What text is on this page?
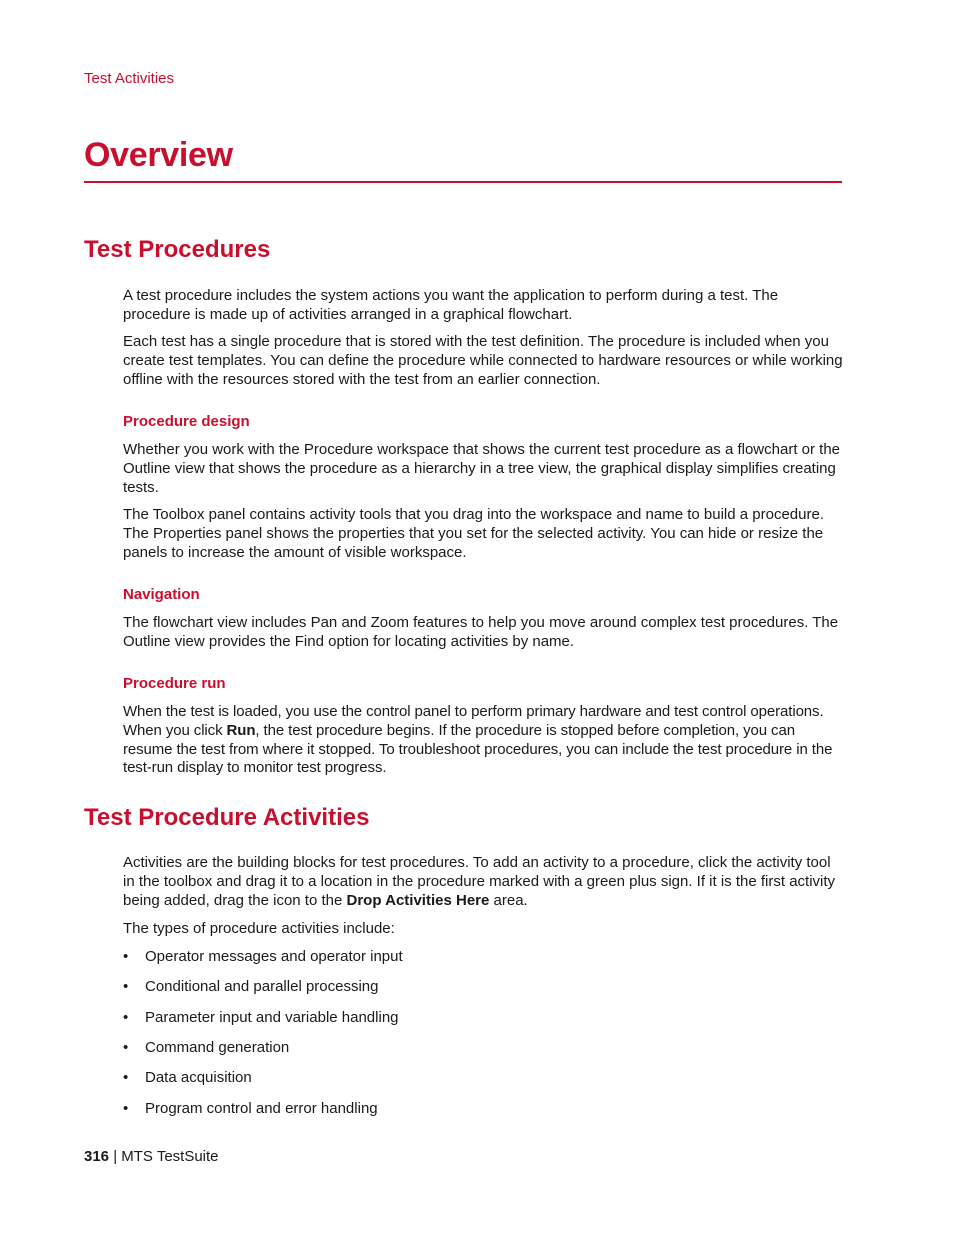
Test Activities
Overview
Test Procedures
A test procedure includes the system actions you want the application to perform during a test. The procedure is made up of activities arranged in a graphical flowchart.
Each test has a single procedure that is stored with the test definition. The procedure is included when you create test templates. You can define the procedure while connected to hardware resources or while working offline with the resources stored with the test from an earlier connection.
Procedure design
Whether you work with the Procedure workspace that shows the current test procedure as a flowchart or the Outline view that shows the procedure as a hierarchy in a tree view, the graphical display simplifies creating tests.
The Toolbox panel contains activity tools that you drag into the workspace and name to build a procedure. The Properties panel shows the properties that you set for the selected activity. You can hide or resize the panels to increase the amount of visible workspace.
Navigation
The flowchart view includes Pan and Zoom features to help you move around complex test procedures. The Outline view provides the Find option for locating activities by name.
Procedure run
When the test is loaded, you use the control panel to perform primary hardware and test control operations. When you click Run, the test procedure begins. If the procedure is stopped before completion, you can resume the test from where it stopped. To troubleshoot procedures, you can include the test procedure in the test-run display to monitor test progress.
Test Procedure Activities
Activities are the building blocks for test procedures. To add an activity to a procedure, click the activity tool in the toolbox and drag it to a location in the procedure marked with a green plus sign. If it is the first activity being added, drag the icon to the Drop Activities Here area.
The types of procedure activities include:
• Operator messages and operator input
• Conditional and parallel processing
• Parameter input and variable handling
• Command generation
• Data acquisition
• Program control and error handling
316 | MTS TestSuite
